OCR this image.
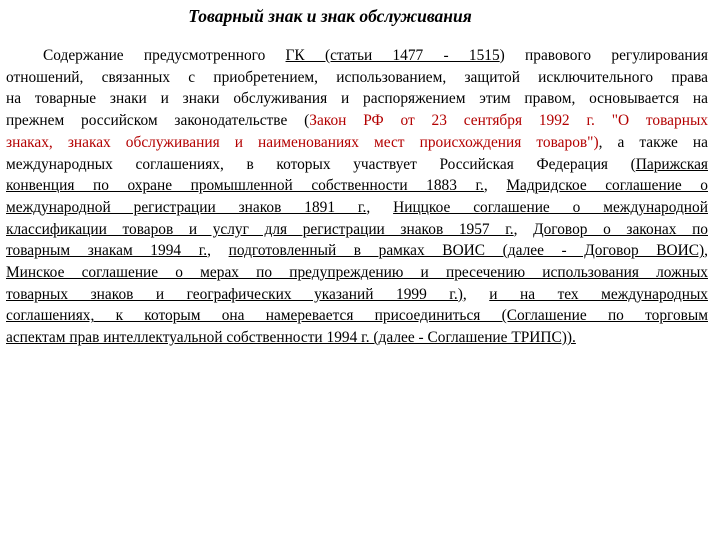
Товарный знак и знак обслуживания

Содержание предусмотренного ГК (статьи 1477 - 1515) правового регулирования
отношений, связанных с приобретением, использованием, защитой исключительного права
на товарные знаки и знаки обслуживания и распоряжением этим правом, основывается на
прежнем российском законодательстве (Закон РФ от 23 сентября 1992 г. "О товарных
знаках, знаках обслуживания и наименованиях мест происхождения товаров"), а также на
международных соглашениях, в которых участвует Российская Федерация (Парижская
конвенция по охране промышленной собственности 1883 г., Мадридское соглашение о
международной регистрации знаков 1891 г., Ниццкое соглашение о международной
классификации товаров и услуг для регистрации знаков 1957 г., Договор о законах по
товарным знакам 1994 г., подготовленный в рамках ВОИС (далее - Договор ВОИС),
Минское соглашение о мерах по предупреждению и пресечению использования ложных
товарных знаков и географических указаний 1999 г.), и на тех международных
соглашениях, к которым она намеревается присоединиться (Соглашение по торговым
аспектам прав интеллектуальной собственности 1994 г. (далее - Соглашение ТРИПС)).
